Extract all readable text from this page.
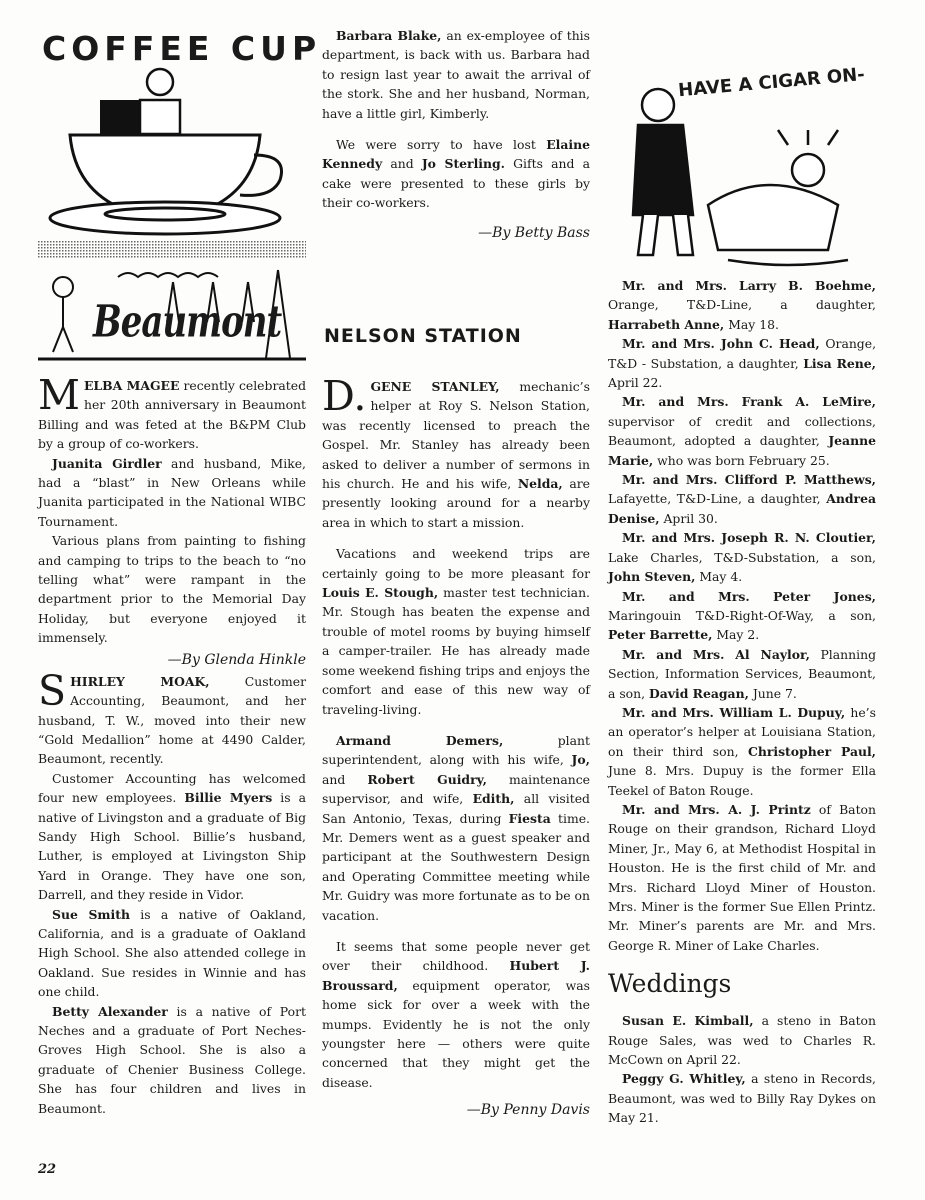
COFFEE CUP
Beaumont

MELBA MAGEE recently celebrated her 20th anniversary in Beaumont Billing and was feted at the B&PM Club by a group of co-workers.

Juanita Girdler and husband, Mike, had a “blast” in New Orleans while Juanita participated in the National WIBC Tournament.

Various plans from painting to fishing and camping to trips to the beach to “no telling what” were rampant in the department prior to the Memorial Day Holiday, but everyone enjoyed it immensely.

—By Glenda Hinkle

SHIRLEY MOAK, Customer Accounting, Beaumont, and her husband, T. W., moved into their new “Gold Medallion” home at 4490 Calder, Beaumont, recently.

Customer Accounting has welcomed four new employees. Billie Myers is a native of Livingston and a graduate of Big Sandy High School. Billie’s husband, Luther, is employed at Livingston Ship Yard in Orange. They have one son, Darrell, and they reside in Vidor.

Sue Smith is a native of Oakland, California, and is a graduate of Oakland High School. She also attended college in Oakland. Sue resides in Winnie and has one child.

Betty Alexander is a native of Port Neches and a graduate of Port Neches-Groves High School. She is also a graduate of Chenier Business College. She has four children and lives in Beaumont.

Barbara Blake, an ex-employee of this department, is back with us. Barbara had to resign last year to await the arrival of the stork. She and her husband, Norman, have a little girl, Kimberly.

We were sorry to have lost Elaine Kennedy and Jo Sterling. Gifts and a cake were presented to these girls by their co-workers.

—By Betty Bass
NELSON STATION

D. GENE STANLEY, mechanic’s helper at Roy S. Nelson Station, was recently licensed to preach the Gospel. Mr. Stanley has already been asked to deliver a number of sermons in his church. He and his wife, Nelda, are presently looking around for a nearby area in which to start a mission.

Vacations and weekend trips are certainly going to be more pleasant for Louis E. Stough, master test technician. Mr. Stough has beaten the expense and trouble of motel rooms by buying himself a camper-trailer. He has already made some weekend fishing trips and enjoys the comfort and ease of this new way of traveling-living.

Armand Demers, plant superintendent, along with his wife, Jo, and Robert Guidry, maintenance supervisor, and wife, Edith, all visited San Antonio, Texas, during Fiesta time. Mr. Demers went as a guest speaker and participant at the Southwestern Design and Operating Committee meeting while Mr. Guidry was more fortunate as to be on vacation.

It seems that some people never get over their childhood. Hubert J. Broussard, equipment operator, was home sick for over a week with the mumps. Evidently he is not the only youngster here — others were quite concerned that they might get the disease.

—By Penny Davis
HAVE A CIGAR ON-

Mr. and Mrs. Larry B. Boehme, Orange, T&D-Line, a daughter, Harrabeth Anne, May 18.

Mr. and Mrs. John C. Head, Orange, T&D - Substation, a daughter, Lisa Rene, April 22.

Mr. and Mrs. Frank A. LeMire, supervisor of credit and collections, Beaumont, adopted a daughter, Jeanne Marie, who was born February 25.

Mr. and Mrs. Clifford P. Matthews, Lafayette, T&D-Line, a daughter, Andrea Denise, April 30.

Mr. and Mrs. Joseph R. N. Cloutier, Lake Charles, T&D-Substation, a son, John Steven, May 4.

Mr. and Mrs. Peter Jones, Maringouin T&D-Right-Of-Way, a son, Peter Barrette, May 2.

Mr. and Mrs. Al Naylor, Planning Section, Information Services, Beaumont, a son, David Reagan, June 7.

Mr. and Mrs. William L. Dupuy, he’s an operator’s helper at Louisiana Station, on their third son, Christopher Paul, June 8. Mrs. Dupuy is the former Ella Teekel of Baton Rouge.

Mr. and Mrs. A. J. Printz of Baton Rouge on their grandson, Richard Lloyd Miner, Jr., May 6, at Methodist Hospital in Houston. He is the first child of Mr. and Mrs. Richard Lloyd Miner of Houston. Mrs. Miner is the former Sue Ellen Printz. Mr. Miner’s parents are Mr. and Mrs. George R. Miner of Lake Charles.

Weddings

Susan E. Kimball, a steno in Baton Rouge Sales, was wed to Charles R. McCown on April 22.

Peggy G. Whitley, a steno in Records, Beaumont, was wed to Billy Ray Dykes on May 21.

22
